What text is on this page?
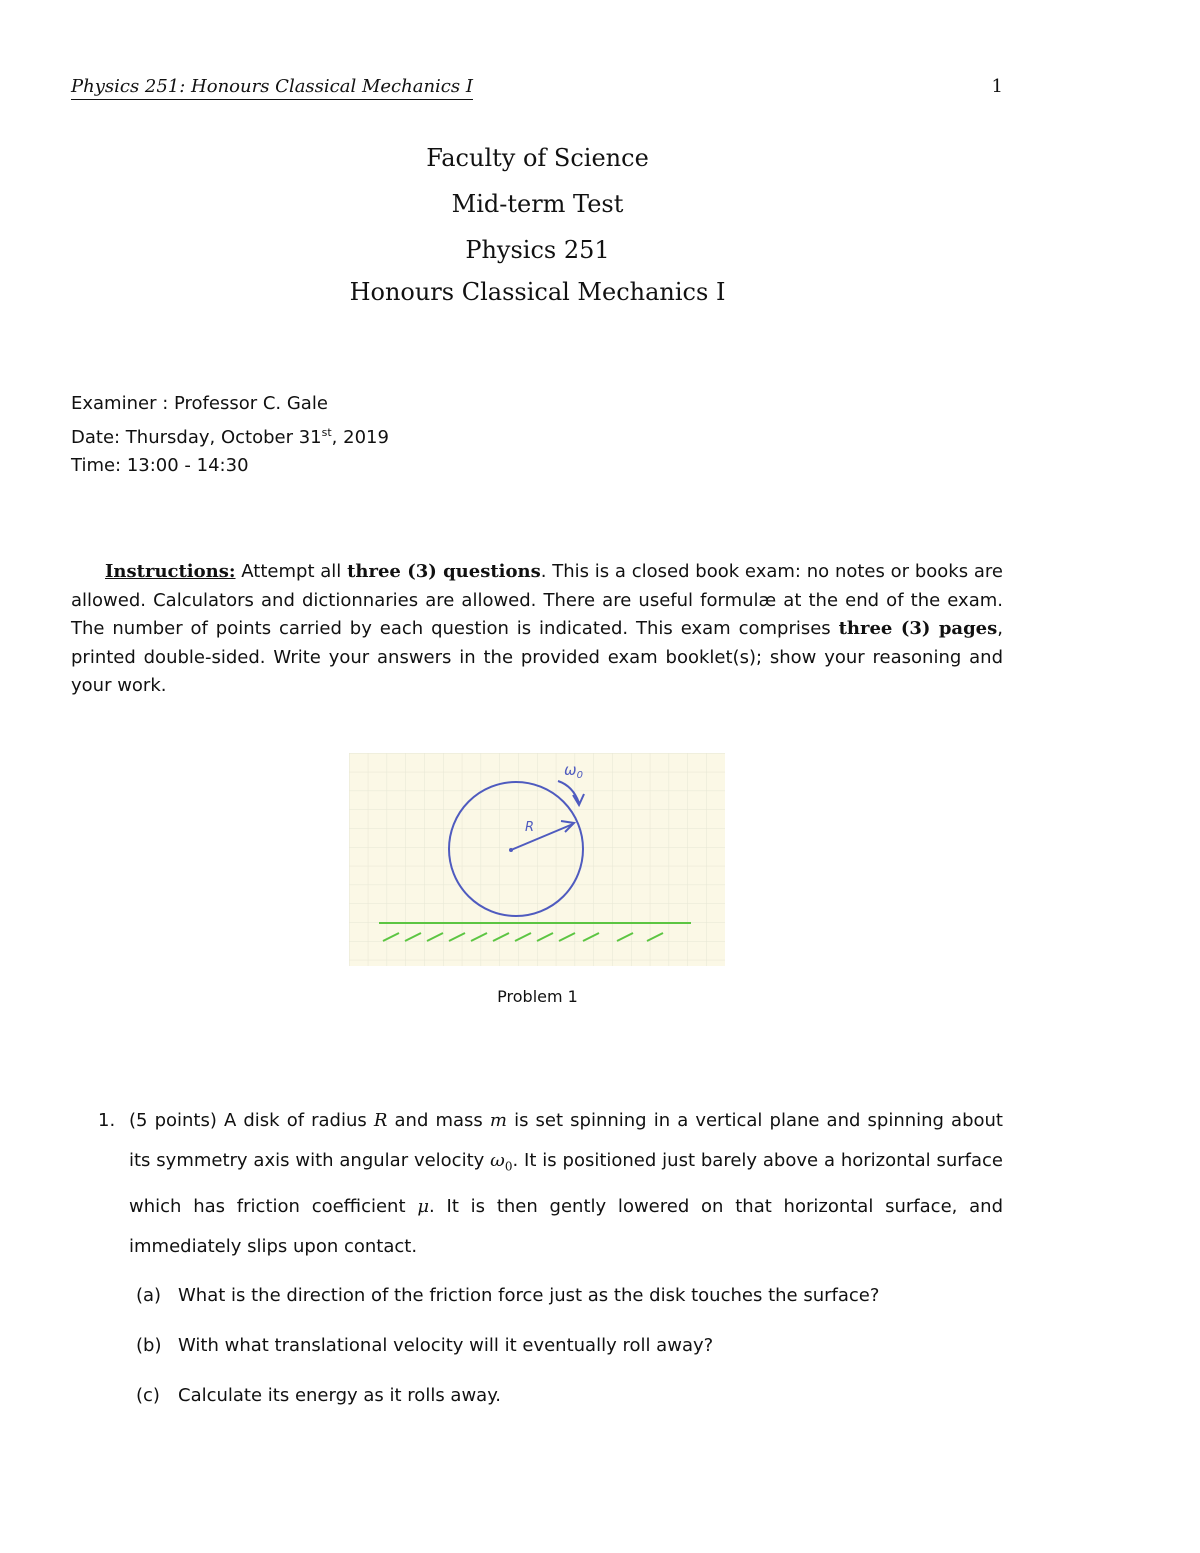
Physics 251: Honours Classical Mechanics I	1
Faculty of Science
Mid-term Test
Physics 251
Honours Classical Mechanics I
Examiner : Professor C. Gale
Date: Thursday, October 31st, 2019
Time: 13:00 - 14:30
Instructions: Attempt all three (3) questions. This is a closed book exam: no notes or books are allowed. Calculators and dictionnaries are allowed. There are useful formulæ at the end of the exam. The number of points carried by each question is indicated. This exam comprises three (3) pages, printed double-sided. Write your answers in the provided exam booklet(s); show your reasoning and your work.
R
$\omega_0$
Problem 1
1. (5 points) A disk of radius R and mass m is set spinning in a vertical plane and spinning about its symmetry axis with angular velocity $\omega_0$. It is positioned just barely above a horizontal surface which has friction coefficient μ. It is then gently lowered on that horizontal surface, and immediately slips upon contact.
(a) What is the direction of the friction force just as the disk touches the surface?
(b) With what translational velocity will it eventually roll away?
(c) Calculate its energy as it rolls away.
